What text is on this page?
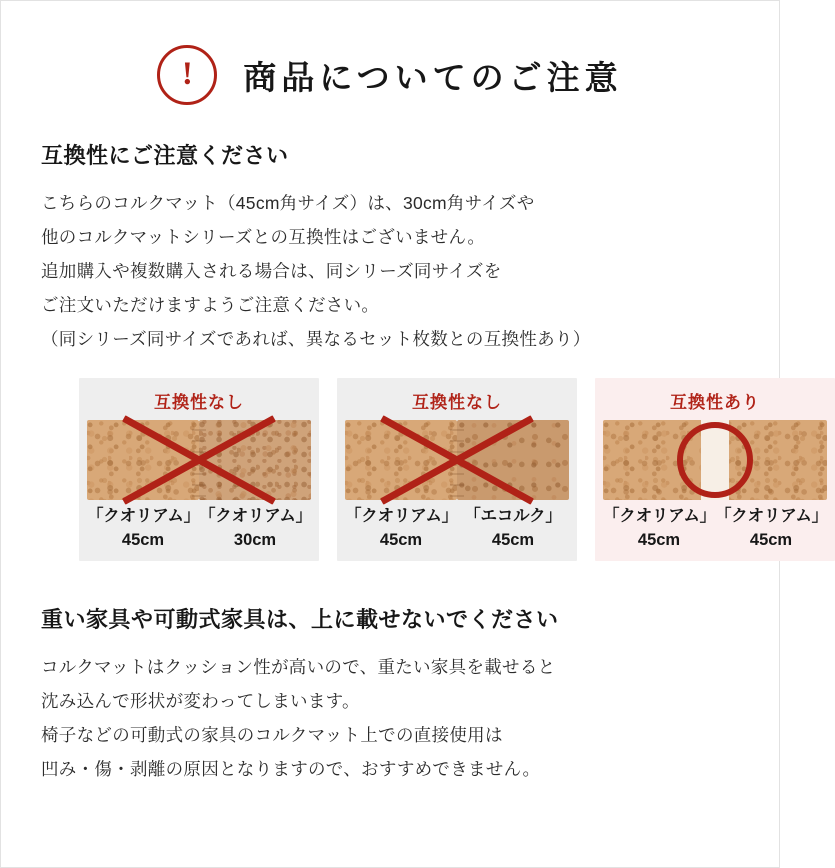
! 商品についてのご注意
互換性にご注意ください

こちらのコルクマット（45cm角サイズ）は、30cm角サイズや

他のコルクマットシリーズとの互換性はございません。

追加購入や複数購入される場合は、同シリーズ同サイズを

ご注文いただけますようご注意ください。

（同シリーズ同サイズであれば、異なるセット枚数との互換性あり）

互換性なし
「クオリアム」
45cm
「クオリアム」
30cm
互換性なし
「クオリアム」
45cm
「エコルク」
45cm
互換性あり
「クオリアム」
45cm
「クオリアム」
45cm
重い家具や可動式家具は、上に載せないでください

コルクマットはクッション性が高いので、重たい家具を載せると

沈み込んで形状が変わってしまいます。

椅子などの可動式の家具のコルクマット上での直接使用は

凹み・傷・剥離の原因となりますので、おすすめできません。
